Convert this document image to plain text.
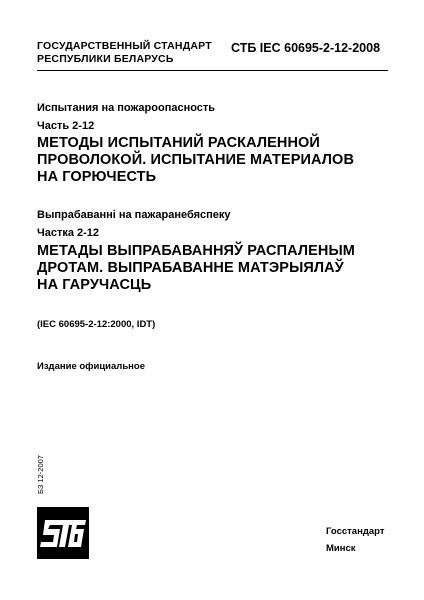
ГОСУДАРСТВЕННЫЙ СТАНДАРТ
РЕСПУБЛИКИ БЕЛАРУСЬ
СТБ IEC 60695-2-12-2008
Испытания на пожароопасность
Часть 2-12
МЕТОДЫ ИСПЫТАНИЙ РАСКАЛЕННОЙ
ПРОВОЛОКОЙ. ИСПЫТАНИЕ МАТЕРИАЛОВ
НА ГОРЮЧЕСТЬ
Выпрабаванні на пажаранебяспеку
Частка 2-12
МЕТАДЫ ВЫПРАБАВАННЯЎ РАСПАЛЕНЫМ
ДРОТАМ. ВЫПРАБАВАННЕ МАТЭРЫЯЛАЎ
НА ГАРУЧАСЦЬ
(IEC 60695-2-12:2000, IDT)
Издание официальное
БЗ 12-2007
Госстандарт
Минск
